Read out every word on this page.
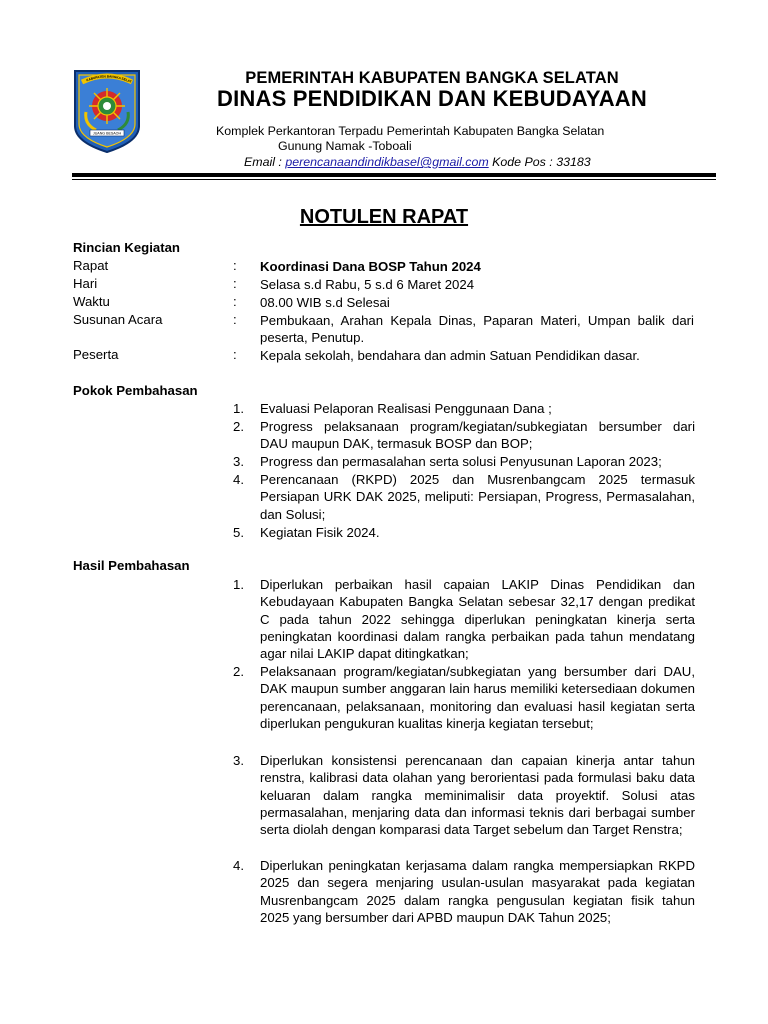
KABUPATEN BANGKA SELAT
JUANG BESAOH
PEMERINTAH KABUPATEN BANGKA SELATAN
DINAS PENDIDIKAN DAN KEBUDAYAAN
Komplek Perkantoran Terpadu Pemerintah Kabupaten Bangka Selatan
Gunung Namak -Toboali
Email : perencanaandindikbasel@gmail.com Kode Pos : 33183
NOTULEN RAPAT
Rincian Kegiatan
Rapat	: Koordinasi Dana BOSP Tahun 2024
Hari	: Selasa s.d Rabu, 5 s.d 6 Maret 2024
Waktu	: 08.00 WIB s.d Selesai
Susunan Acara	: Pembukaan, Arahan Kepala Dinas, Paparan Materi, Umpan balik dari peserta, Penutup.
Peserta	: Kepala sekolah, bendahara dan admin Satuan Pendidikan dasar.
Pokok Pembahasan
1. Evaluasi Pelaporan Realisasi Penggunaan Dana ;
2. Progress pelaksanaan program/kegiatan/subkegiatan bersumber dari DAU maupun DAK, termasuk BOSP dan BOP;
3. Progress dan permasalahan serta solusi Penyusunan Laporan 2023;
4. Perencanaan (RKPD) 2025 dan Musrenbangcam 2025 termasuk Persiapan URK DAK 2025, meliputi: Persiapan, Progress, Permasalahan, dan Solusi;
5. Kegiatan Fisik 2024.
Hasil Pembahasan
1. Diperlukan perbaikan hasil capaian LAKIP Dinas Pendidikan dan Kebudayaan Kabupaten Bangka Selatan sebesar 32,17 dengan predikat C pada tahun 2022 sehingga diperlukan peningkatan kinerja serta peningkatan koordinasi dalam rangka perbaikan pada tahun mendatang agar nilai LAKIP dapat ditingkatkan;
2. Pelaksanaan program/kegiatan/subkegiatan yang bersumber dari DAU, DAK maupun sumber anggaran lain harus memiliki ketersediaan dokumen perencanaan, pelaksanaan, monitoring dan evaluasi hasil kegiatan serta diperlukan pengukuran kualitas kinerja kegiatan tersebut;
3. Diperlukan konsistensi perencanaan dan capaian kinerja antar tahun renstra, kalibrasi data olahan yang berorientasi pada formulasi baku data keluaran dalam rangka meminimalisir data proyektif. Solusi atas permasalahan, menjaring data dan informasi teknis dari berbagai sumber serta diolah dengan komparasi data Target sebelum dan Target Renstra;
4. Diperlukan peningkatan kerjasama dalam rangka mempersiapkan RKPD 2025 dan segera menjaring usulan-usulan masyarakat pada kegiatan Musrenbangcam 2025 dalam rangka pengusulan kegiatan fisik tahun 2025 yang bersumber dari APBD maupun DAK Tahun 2025;
